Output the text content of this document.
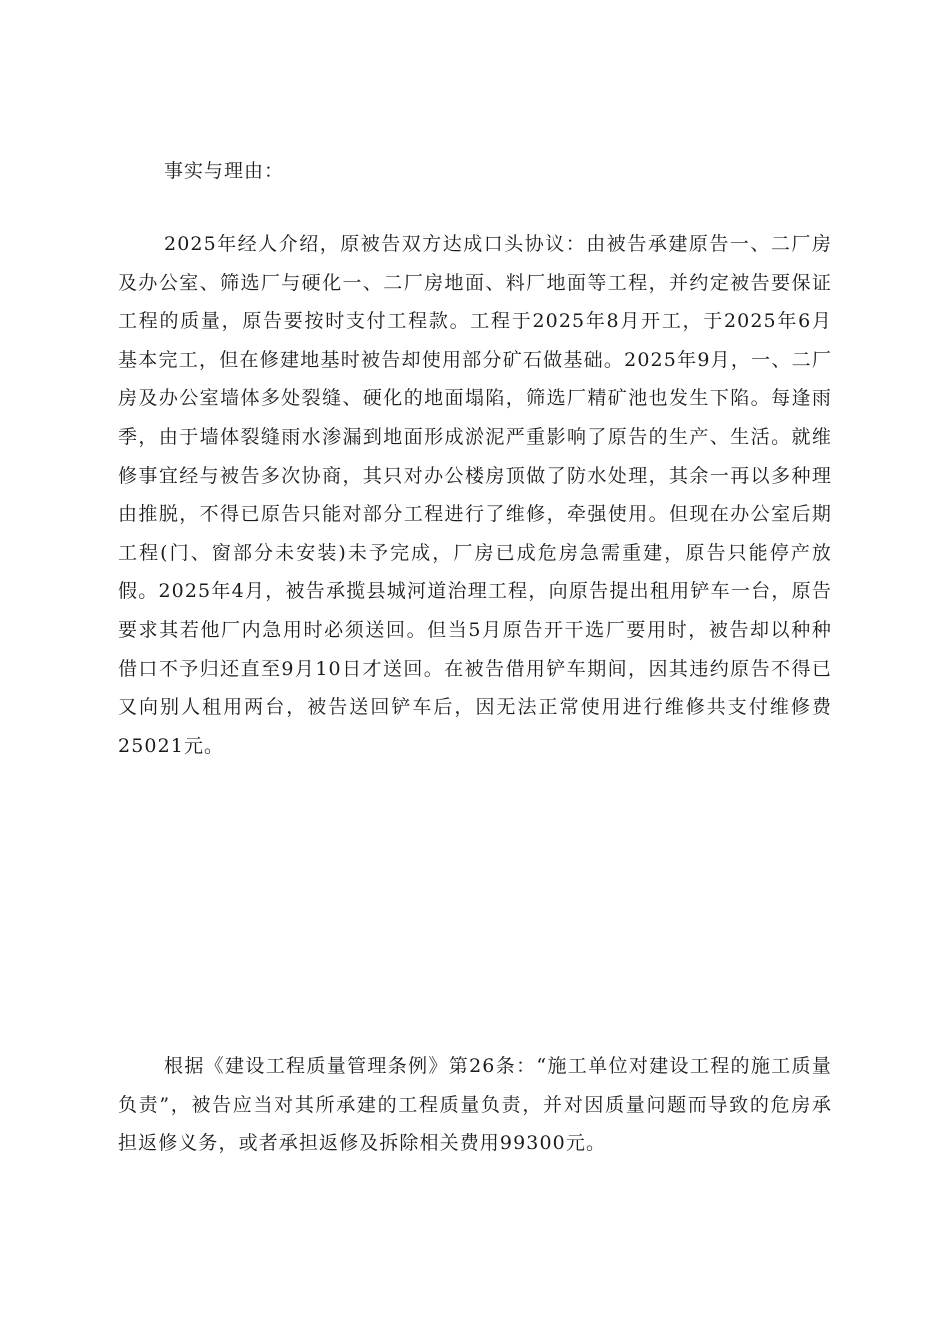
事实与理由：

2025年经人介绍，原被告双方达成口头协议：由被告承建原告一、二厂房及办公室、筛选厂与硬化一、二厂房地面、料厂地面等工程，并约定被告要保证工程的质量，原告要按时支付工程款。工程于2025年8月开工，于2025年6月基本完工，但在修建地基时被告却使用部分矿石做基础。2025年9月，一、二厂房及办公室墙体多处裂缝、硬化的地面塌陷，筛选厂精矿池也发生下陷。每逢雨季，由于墙体裂缝雨水渗漏到地面形成淤泥严重影响了原告的生产、生活。就维修事宜经与被告多次协商，其只对办公楼房顶做了防水处理，其余一再以多种理由推脱，不得已原告只能对部分工程进行了维修，牵强使用。但现在办公室后期工程(门、窗部分未安装)未予完成，厂房已成危房急需重建，原告只能停产放假。2025年4月，被告承揽县城河道治理工程，向原告提出租用铲车一台，原告要求其若他厂内急用时必须送回。但当5月原告开干选厂要用时，被告却以种种借口不予归还直至9月10日才送回。在被告借用铲车期间，因其违约原告不得已又向别人租用两台，被告送回铲车后，因无法正常使用进行维修共支付维修费25021元。

根据《建设工程质量管理条例》第26条：“施工单位对建设工程的施工质量负责”，被告应当对其所承建的工程质量负责，并对因质量问题而导致的危房承担返修义务，或者承担返修及拆除相关费用99300元。
